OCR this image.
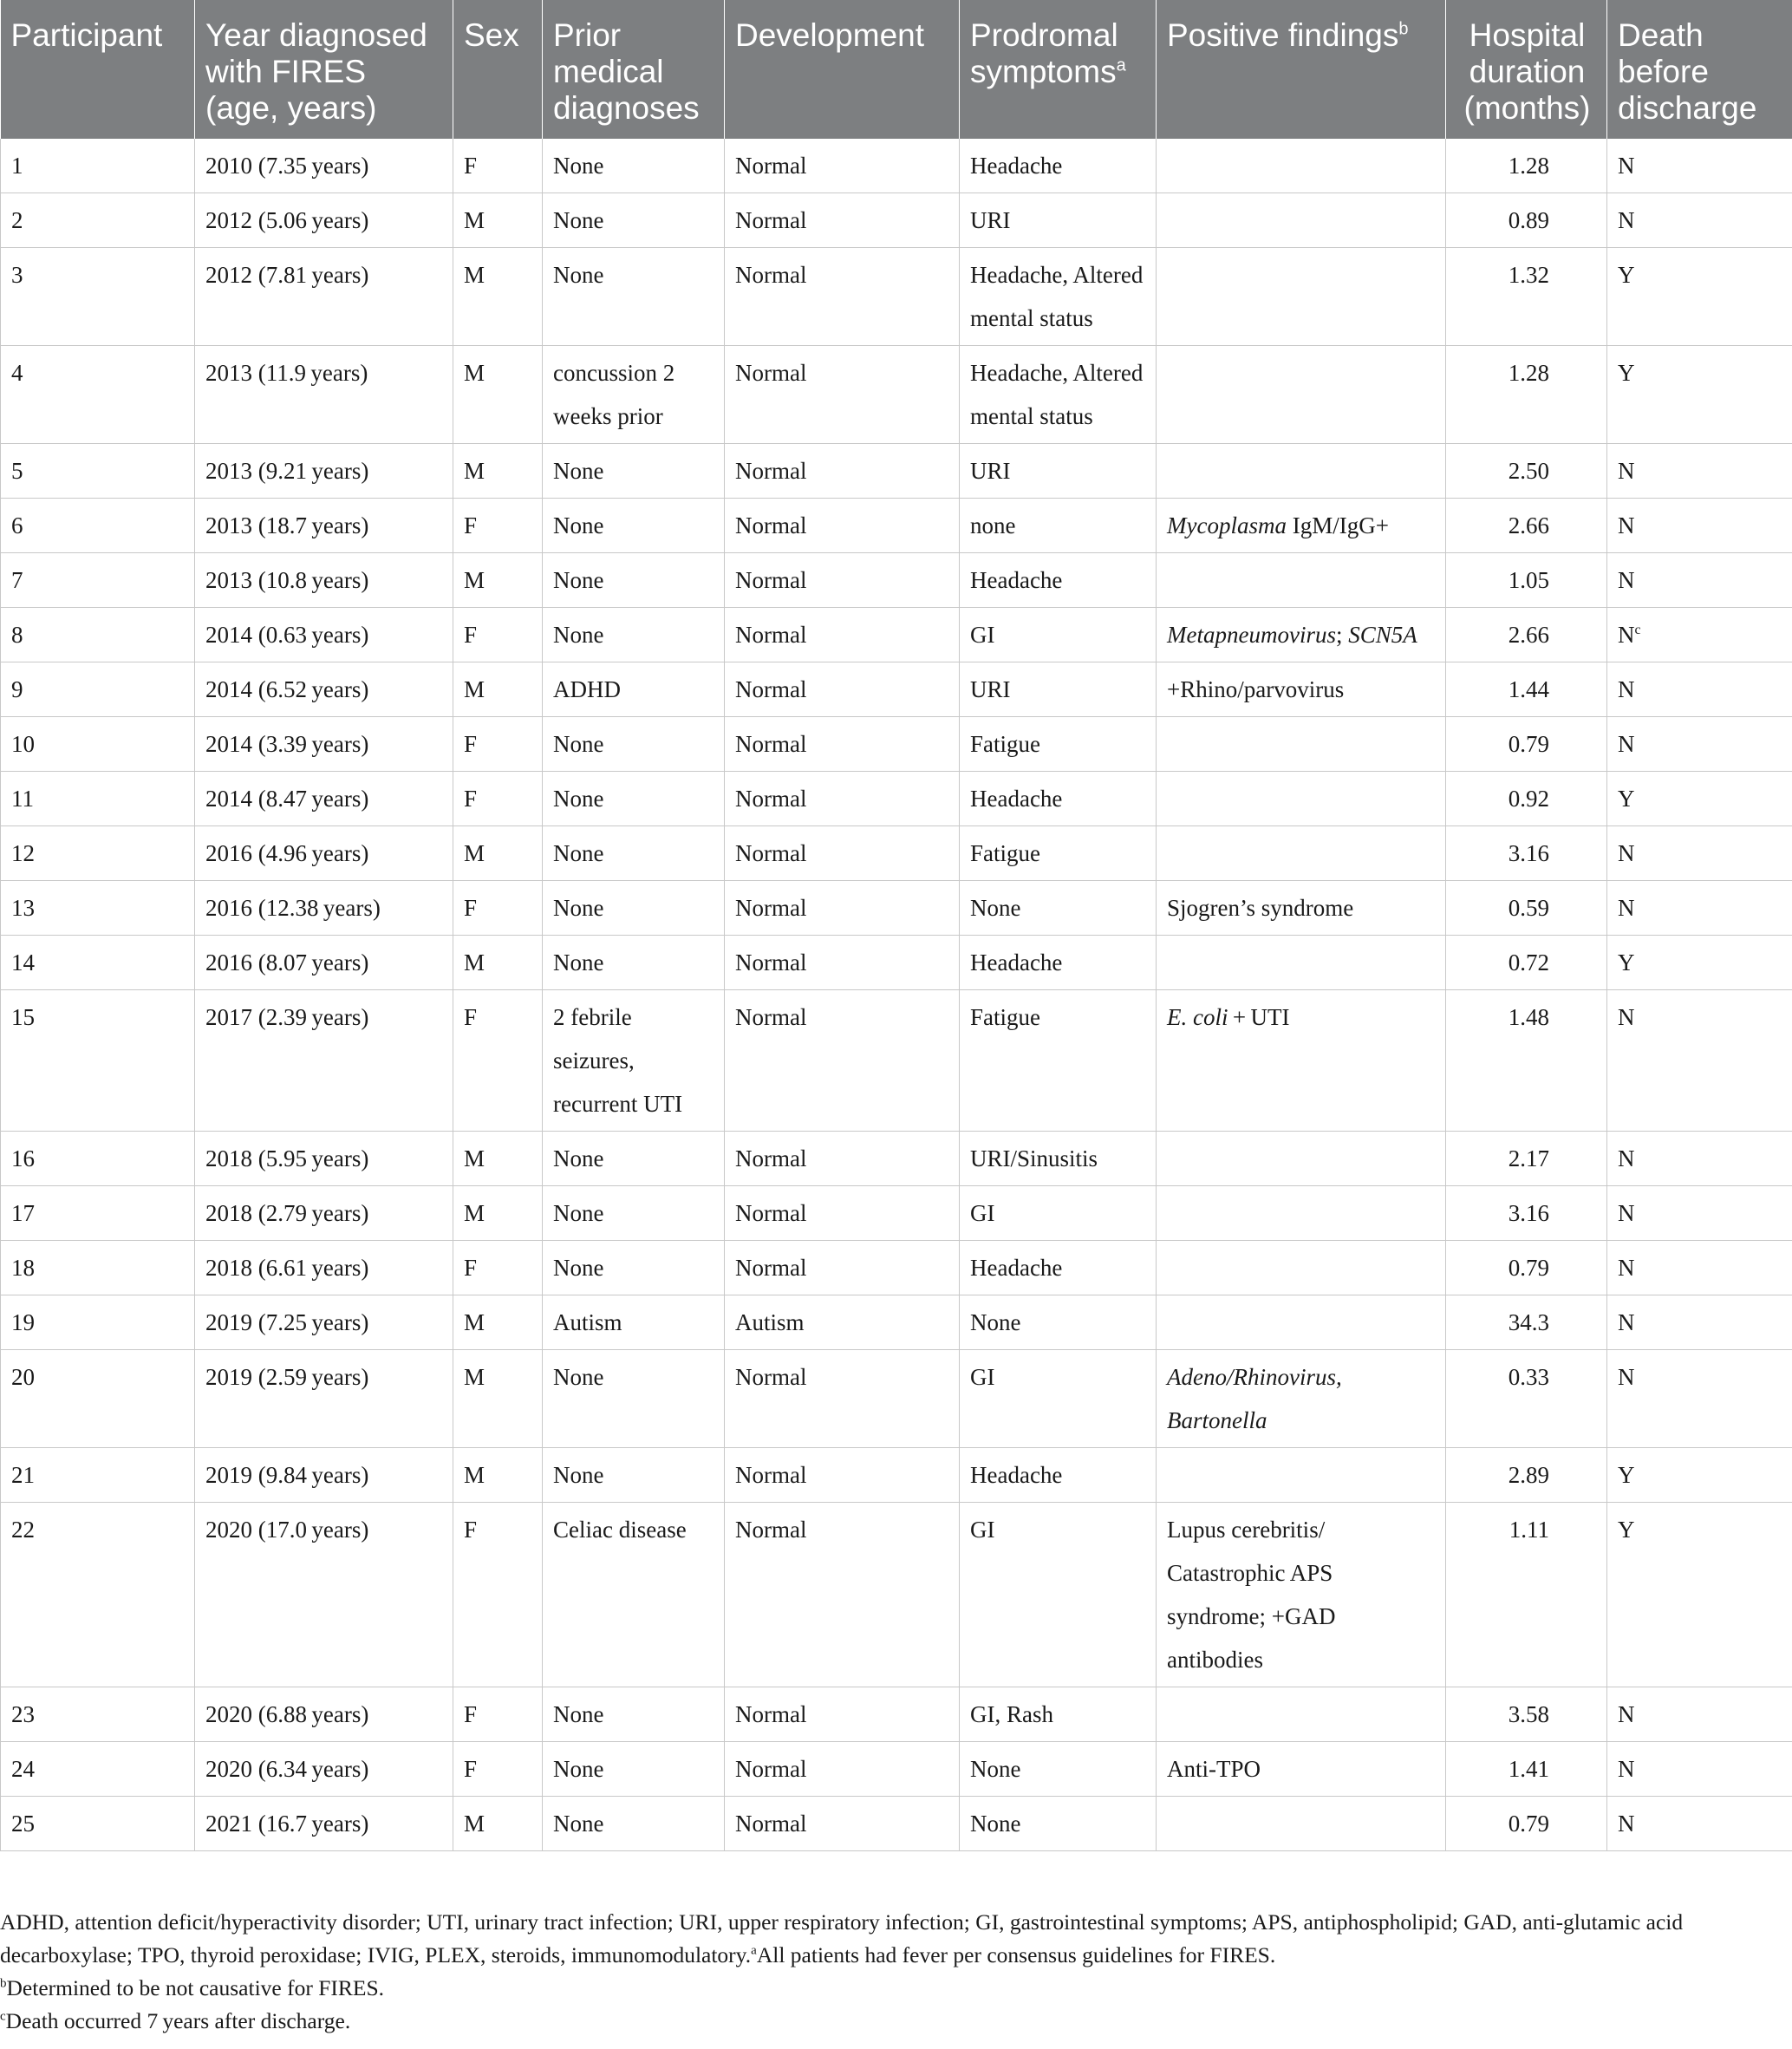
Participant	Year diagnosed with FIRES (age, years)	Sex	Prior medical diagnoses	Development	Prodromal symptoms$^a$	Positive findings$^b$	Hospital duration (months)	Death before discharge
1	2010 (7.35 years)	F	None	Normal	Headache		1.28	N
2	2012 (5.06 years)	M	None	Normal	URI		0.89	N
3	2012 (7.81 years)	M	None	Normal	Headache, Altered mental status		1.32	Y
4	2013 (11.9 years)	M	concussion 2 weeks prior	Normal	Headache, Altered mental status		1.28	Y
5	2013 (9.21 years)	M	None	Normal	URI		2.50	N
6	2013 (18.7 years)	F	None	Normal	none	Mycoplasma IgM/IgG+	2.66	N
7	2013 (10.8 years)	M	None	Normal	Headache		1.05	N
8	2014 (0.63 years)	F	None	Normal	GI	Metapneumovirus; SCN5A	2.66	$N^c$
9	2014 (6.52 years)	M	ADHD	Normal	URI	+Rhino/parvovirus	1.44	N
10	2014 (3.39 years)	F	None	Normal	Fatigue		0.79	N
11	2014 (8.47 years)	F	None	Normal	Headache		0.92	Y
12	2016 (4.96 years)	M	None	Normal	Fatigue		3.16	N
13	2016 (12.38 years)	F	None	Normal	None	Sjogren’s syndrome	0.59	N
14	2016 (8.07 years)	M	None	Normal	Headache		0.72	Y
15	2017 (2.39 years)	F	2 febrile seizures, recurrent UTI	Normal	Fatigue	E. coli + UTI	1.48	N
16	2018 (5.95 years)	M	None	Normal	URI/Sinusitis		2.17	N
17	2018 (2.79 years)	M	None	Normal	GI		3.16	N
18	2018 (6.61 years)	F	None	Normal	Headache		0.79	N
19	2019 (7.25 years)	M	Autism	Autism	None		34.3	N
20	2019 (2.59 years)	M	None	Normal	GI	Adeno/Rhinovirus, Bartonella	0.33	N
21	2019 (9.84 years)	M	None	Normal	Headache		2.89	Y
22	2020 (17.0 years)	F	Celiac disease	Normal	GI	Lupus cerebritis/ Catastrophic APS syndrome; +GAD antibodies	1.11	Y
23	2020 (6.88 years)	F	None	Normal	GI, Rash		3.58	N
24	2020 (6.34 years)	F	None	Normal	None	Anti-TPO	1.41	N
25	2021 (16.7 years)	M	None	Normal	None		0.79	N

ADHD, attention deficit/hyperactivity disorder; UTI, urinary tract infection; URI, upper respiratory infection; GI, gastrointestinal symptoms; APS, antiphospholipid; GAD, anti-glutamic acid decarboxylase; TPO, thyroid peroxidase; IVIG, PLEX, steroids, immunomodulatory.$^a$All patients had fever per consensus guidelines for FIRES.

$^b$Determined to be not causative for FIRES.

$^c$Death occurred 7 years after discharge.
